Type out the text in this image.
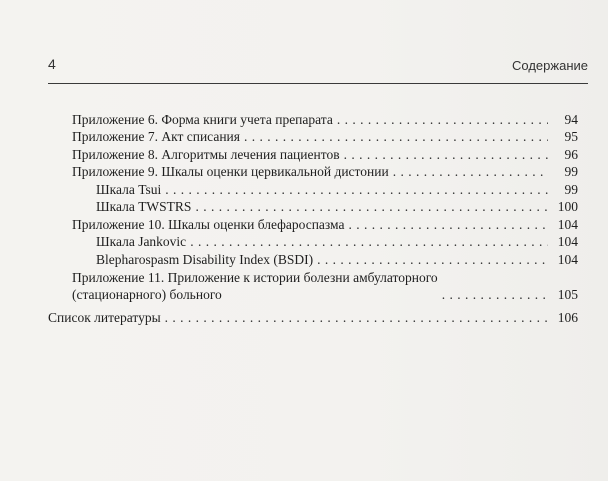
4	Содержание
Приложение 6. Форма книги учета препарата . . .	94
Приложение 7. Акт списания . . .	95
Приложение 8. Алгоритмы лечения пациентов . . .	96
Приложение 9. Шкалы оценки цервикальной дистонии . . .	99
Шкала Tsui . . .	99
Шкала TWSTRS . . .	100
Приложение 10. Шкалы оценки блефароспазма . . .	104
Шкала Jankovic . . .	104
Blepharospasm Disability Index (BSDI) . . .	104
Приложение 11. Приложение к истории болезни амбулаторного
(стационарного) больного . . .	105
Список литературы . . .	106
